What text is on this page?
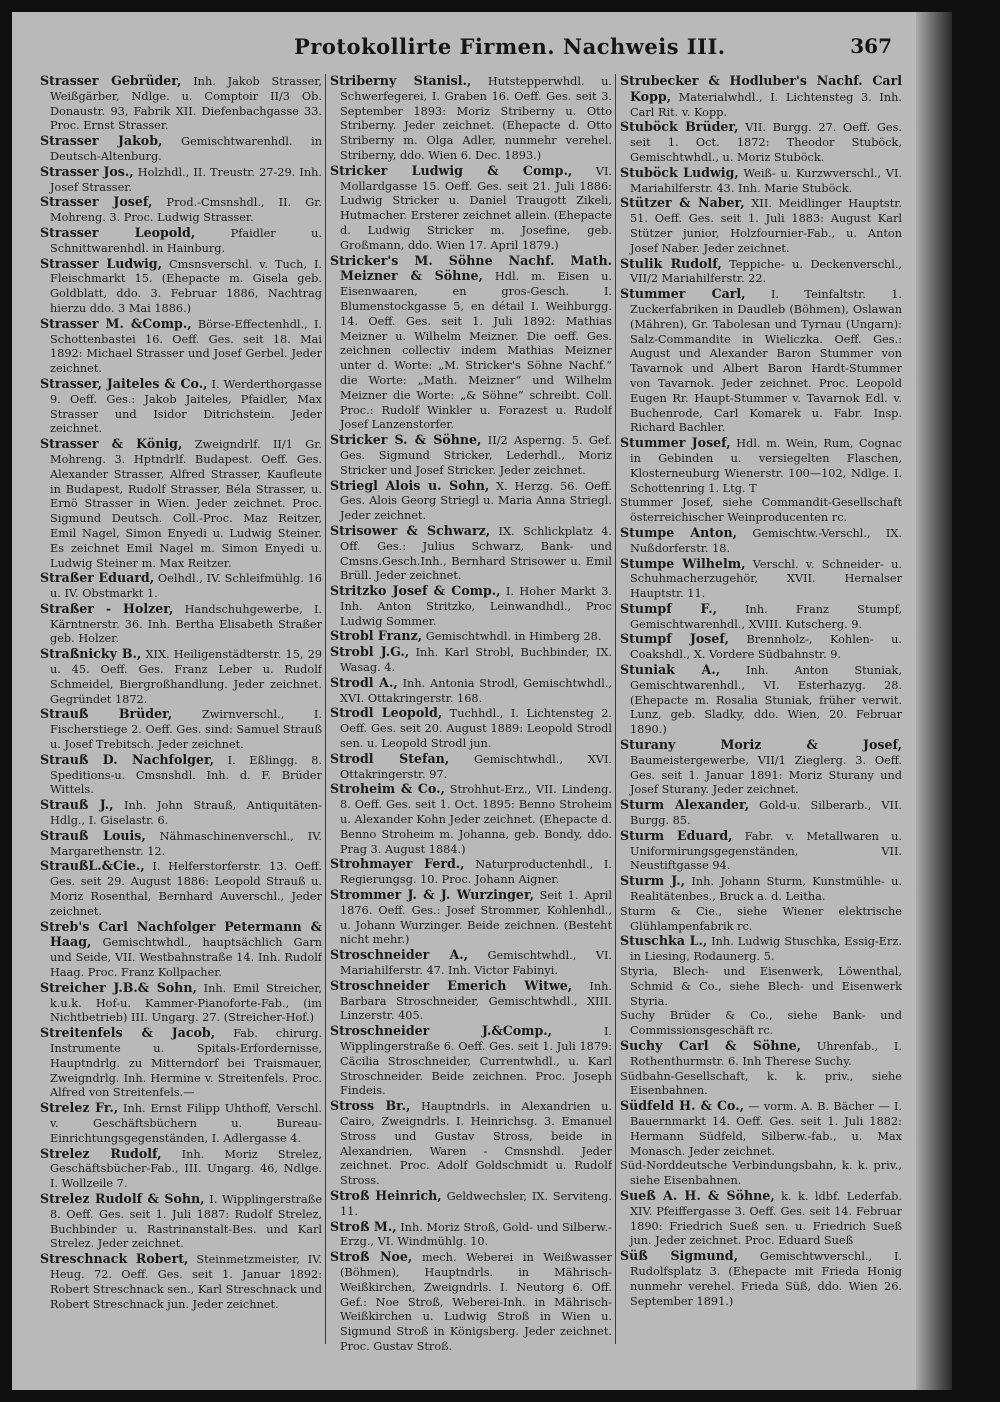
Protokollirte Firmen. Nachweis III.	367

Strasser Gebrüder, Inh. Jakob Strasser, Weißgärber, Ndlge. u. Comptoir II/3 Ob. Donaustr. 93, Fabrik XII. Diefenbachgasse 33. Proc. Ernst Strasser.

Strasser Jakob, Gemischtwarenhdl. in Deutsch-Altenburg.

Strasser Jos., Holzhdl., II. Treustr. 27-29. Inh. Josef Strasser.

Strasser Josef, Prod.-Cmsnshdl., II. Gr. Mohreng. 3. Proc. Ludwig Strasser.

Strasser Leopold,	Pfaidler u. Schnittwarenhdl. in Hainburg.

Strasser Ludwig, Cmsnsverschl. v. Tuch, I. Fleischmarkt 15. (Ehepacte m. Gisela geb. Goldblatt, ddo. 3. Februar 1886, Nachtrag hierzu ddo. 3 Mai 1886.)

Strasser M. &Comp., Börse-Effectenhdl., I. Schottenbastei 16. Oeff. Ges. seit 18. Mai 1892: Michael Strasser und Josef Gerbel. Jeder zeichnet.

Strasser, Jaiteles & Co., I. Werderthorgasse 9. Oeff. Ges.: Jakob Jaiteles, Pfaidler, Max Strasser und Isidor Ditrichstein. Jeder zeichnet.

Strasser & König, Zweigndrlf. II/1 Gr. Mohreng. 3. Hptndrlf. Budapest. Oeff. Ges. Alexander Strasser, Alfred Strasser, Kaufleute in Budapest, Rudolf Strasser, Béla Strasser, u. Ernö Strasser in Wien. Jeder zeichnet. Proc. Sigmund Deutsch. Coll.-Proc. Maz Reitzer, Emil Nagel, Simon Enyedi u. Ludwig Steiner. Es zeichnet Emil Nagel m. Simon Enyedi u. Ludwig Steiner m. Max Reitzer.

Straßer Eduard, Oelhdl., IV. Schleifmühlg. 16 u. IV. Obstmarkt 1.

Straßer - Holzer, Handschuhgewerbe, I. Kärntnerstr. 36. Inh. Bertha Elisabeth Straßer geb. Holzer.

Straßnicky B., XIX. Heiligenstädterstr. 15, 29 u. 45. Oeff. Ges. Franz Leber u. Rudolf Schmeidel, Biergroßhandlung. Jeder zeichnet. Gegründet 1872.

Strauß Brüder,	Zwirnverschl., I. Fischerstiege 2. Oeff. Ges. sind: Samuel Strauß u. Josef Trebitsch. Jeder zeichnet.

Strauß D. Nachfolger, I. Eßlingg. 8. Speditions-u. Cmsnshdl. Inh. d. F. Brüder Wittels.

Strauß J., Inh. John Strauß, Antiquitäten-Hdlg., I. Giselastr. 6.

Strauß Louis, Nähmaschinenverschl., IV. Margarethenstr. 12.

StraußL.&Cie., I. Helferstorferstr. 13. Oeff. Ges. seit 29. August 1886: Leopold Strauß u. Moriz Rosenthal, Bernhard Auverschl., Jeder zeichnet.

Streb's Carl Nachfolger Petermann & Haag, Gemischtwhdl., hauptsächlich Garn und Seide, VII. Westbahnstraße 14. Inh. Rudolf Haag. Proc. Franz Kollpacher.

Streicher J.B.& Sohn, Inh. Emil Streicher, k.u.k. Hof-u. Kammer-Pianoforte-Fab., (im Nichtbetrieb) III. Ungarg. 27. (Streicher-Hof.)

Streitenfels & Jacob, Fab. chirurg. Instrumente u. Spitals-Erfordernisse, Hauptndrlg. zu Mitterndorf bei Traismauer, Zweigndrlg. Inh. Hermine v. Streitenfels. Proc. Alfred von Streitenfels.—

Strelez Fr., Inh. Ernst Filipp Uhthoff, Verschl. v. Geschäftsbüchern u. Bureau-Einrichtungsgegenständen, I. Adlergasse 4.

Strelez Rudolf, Inh. Moriz Strelez, Geschäftsbücher-Fab., III. Ungarg. 46, Ndlge. I. Wollzeile 7.

Strelez Rudolf & Sohn, I. Wipplingerstraße 8. Oeff. Ges. seit 1. Juli 1887: Rudolf Strelez, Buchbinder u. Rastrinanstalt-Bes. und Karl Strelez. Jeder zeichnet.

Streschnack Robert, Steinmetzmeister, IV. Heug. 72. Oeff. Ges. seit 1. Januar 1892: Robert Streschnack sen., Karl Streschnack und Robert Streschnack jun. Jeder zeichnet.

Striberny Stanisl., Hutstepperwhdl. u. Schwerfegerei, I. Graben 16. Oeff. Ges. seit 3. September 1893: Moriz Striberny u. Otto Striberny. Jeder zeichnet. (Ehepacte d. Otto Striberny m. Olga Adler, nunmehr verehel. Striberny, ddo. Wien 6. Dec. 1893.)

Stricker Ludwig & Comp., VI. Mollardgasse 15. Oeff. Ges. seit 21. Juli 1886: Ludwig Stricker u. Daniel Traugott Zikeli, Hutmacher. Ersterer zeichnet allein. (Ehepacte d. Ludwig Stricker m. Josefine, geb. Großmann, ddo. Wien 17. April 1879.)

Stricker's M. Söhne Nachf. Math. Meizner & Söhne, Hdl. m. Eisen u. Eisenwaaren, en gros-Gesch. I. Blumenstockgasse 5, en détail I. Weihburgg. 14. Oeff. Ges. seit 1. Juli 1892: Mathias Meizner u. Wilhelm Meizner. Die oeff. Ges. zeichnen collectiv indem Mathias Meizner unter d. Worte: „M. Stricker's Söhne Nachf.“ die Worte: „Math. Meizner“ und Wilhelm Meizner die Worte: „& Söhne“ schreibt. Coll. Proc.: Rudolf Winkler u. Forazest u. Rudolf Josef Lanzenstorfer.

Stricker S. & Söhne, II/2 Asperng. 5. Gef. Ges. Sigmund Stricker, Lederhdl., Moriz Stricker und Josef Stricker. Jeder zeichnet.

Striegl Alois u. Sohn, X. Herzg. 56. Oeff. Ges. Alois Georg Striegl u. Maria Anna Striegl. Jeder zeichnet.

Strisower & Schwarz, IX. Schlickplatz 4. Off. Ges.: Julius Schwarz, Bank- und Cmsns.Gesch.Inh., Bernhard Strisower u. Emil Brüll. Jeder zeichnet.

Stritzko Josef & Comp., I. Hoher Markt 3. Inh. Anton Stritzko, Leinwandhdl., Proc Ludwig Sommer.

Strobl Franz, Gemischtwhdl. in Himberg 28.

Strobl J.G., Inh. Karl Strobl, Buchbinder, IX. Wasag. 4.

Strodl A., Inh. Antonia Strodl, Gemischtwhdl., XVI. Ottakringerstr. 168.

Strodl Leopold, Tuchhdl., I. Lichtensteg 2. Oeff. Ges. seit 20. August 1889: Leopold Strodl sen. u. Leopold Strodl jun.

Strodl Stefan, Gemischtwhdl., XVI. Ottakringerstr. 97.

Stroheim & Co., Strohhut-Erz., VII. Lindeng. 8. Oeff. Ges. seit 1. Oct. 1895: Benno Stroheim u. Alexander Kohn Jeder zeichnet. (Ehepacte d. Benno Stroheim m. Johanna, geb. Bondy, ddo. Prag 3. August 1884.)

Strohmayer Ferd., Naturproductenhdl., I. Regierungsg. 10. Proc. Johann Aigner.

Strommer J. & J. Wurzinger, Seit 1. April 1876. Oeff. Ges.: Josef Strommer, Kohlenhdl., u. Johann Wurzinger. Beide zeichnen. (Besteht nicht mehr.)

Stroschneider A., Gemischtwhdl., VI. Mariahilferstr. 47. Inh. Victor Fabinyi.

Stroschneider Emerich Witwe, Inh. Barbara Stroschneider, Gemischtwhdl., XIII. Linzerstr. 405.

Stroschneider J.&Comp.,	I. Wipplingerstraße 6. Oeff. Ges. seit 1. Juli 1879: Cäcilia Stroschneider, Currentwhdl., u. Karl Stroschneider. Beide zeichnen. Proc. Joseph Findeis.

Stross Br., Hauptndrls. in Alexandrien u. Cairo, Zweigndrls. I. Heinrichsg. 3. Emanuel Stross und Gustav Stross, beide in Alexandrien, Waren - Cmsnshdl. Jeder zeichnet. Proc. Adolf Goldschmidt u. Rudolf Stross.

Stroß Heinrich, Geldwechsler, IX. Serviteng. 11.

Stroß M., Inh. Moriz Stroß, Gold- und Silberw.-Erzg., VI. Windmühlg. 10.

Stroß Noe, mech. Weberei in Weißwasser (Böhmen), Hauptndrls. in Mährisch-Weißkirchen, Zweigndrls. I. Neutorg 6. Off. Gef.: Noe Stroß, Weberei-Inh. in Mährisch-Weißkirchen u. Ludwig Stroß in Wien u. Sigmund Stroß in Königsberg. Jeder zeichnet. Proc. Gustav Stroß.

Strubecker & Hodluber's Nachf. Carl Kopp, Materialwhdl., I. Lichtensteg 3. Inh. Carl Rit. v. Kopp.

Stuböck Brüder, VII. Burgg. 27. Oeff. Ges. seit 1. Oct. 1872: Theodor Stuböck, Gemischtwhdl., u. Moriz Stuböck.

Stuböck Ludwig, Weiß- u. Kurzwverschl., VI. Mariahilferstr. 43. Inh. Marie Stuböck.

Stützer & Naber, XII. Meidlinger Hauptstr. 51. Oeff. Ges. seit 1. Juli 1883: August Karl Stützer junior, Holzfournier-Fab., u. Anton Josef Naber. Jeder zeichnet.

Stulik Rudolf, Teppiche- u. Deckenverschl., VII/2 Mariahilferstr. 22.

Stummer Carl, I. Teinfaltstr. 1. Zuckerfabriken in Daudleb (Böhmen), Oslawan (Mähren), Gr. Tabolesan und Tyrnau (Ungarn): Salz-Commandite in Wieliczka. Oeff. Ges.: August und Alexander Baron Stummer von Tavarnok und Albert Baron Hardt-Stummer von Tavarnok. Jeder zeichnet. Proc. Leopold Eugen Rr. Haupt-Stummer v. Tavarnok Edl. v. Buchenrode, Carl Komarek u. Fabr. Insp. Richard Bachler.

Stummer Josef, Hdl. m. Wein, Rum, Cognac in Gebinden u. versiegelten Flaschen, Klosterneuburg Wienerstr. 100—102, Ndlge. I. Schottenring 1. Ltg. T

Stummer Josef, siehe Commandit-Gesellschaft österreichischer Weinproducenten rc.

Stumpe Anton, Gemischtw.-Verschl., IX. Nußdorferstr. 18.

Stumpe Wilhelm, Verschl. v. Schneider- u. Schuhmacherzugehör, XVII. Hernalser Hauptstr. 11.

Stumpf F., Inh. Franz Stumpf, Gemischtwarenhdl., XVIII. Kutscherg. 9.

Stumpf Josef, Brennholz-, Kohlen- u. Coakshdl., X. Vordere Südbahnstr. 9.

Stuniak A., Inh. Anton Stuniak, Gemischtwarenhdl., VI. Esterhazyg. 28. (Ehepacte m. Rosalia Stuniak, früher verwit. Lunz, geb. Sladky, ddo. Wien, 20. Februar 1890.)

Sturany Moriz & Josef, Baumeistergewerbe, VII/1 Zieglerg. 3. Oeff. Ges. seit 1. Januar 1891: Moriz Sturany und Josef Sturany. Jeder zeichnet.

Sturm Alexander, Gold-u. Silberarb., VII. Burgg. 85.

Sturm Eduard, Fabr. v. Metallwaren u. Uniformirungsgegenständen, VII. Neustiftgasse 94.

Sturm J., Inh. Johann Sturm, Kunstmühle- u. Realitätenbes., Bruck a. d. Leitha.

Sturm & Cie., siehe Wiener elektrische Glühlampenfabrik rc.

Stuschka L., Inh. Ludwig Stuschka, Essig-Erz. in Liesing, Rodaunerg. 5.

Styria, Blech- und Eisenwerk, Löwenthal, Schmid & Co., siehe Blech- und Eisenwerk Styria.

Suchy Brüder & Co., siehe Bank- und Commissionsgeschäft rc.

Suchy Carl & Söhne, Uhrenfab., I. Rothenthurmstr. 6. Inh Therese Suchy.

Südbahn-Gesellschaft, k. k. priv., siehe Eisenbahnen.

Südfeld H. & Co., — vorm. A. B. Bächer — I. Bauernmarkt 14. Oeff. Ges. seit 1. Juli 1882: Hermann Südfeld, Silberw.-fab., u. Max Monasch. Jeder zeichnet.

Süd-Norddeutsche Verbindungsbahn, k. k. priv., siehe Eisenbahnen.

Sueß A. H. & Söhne, k. k. ldbf. Lederfab. XIV. Pfeiffergasse 3. Oeff. Ges. seit 14. Februar 1890: Friedrich Sueß sen. u. Friedrich Sueß jun. Jeder zeichnet. Proc. Eduard Sueß

Süß Sigmund, Gemischtwverschl., I. Rudolfsplatz 3. (Ehepacte mit Frieda Honig nunmehr verehel. Frieda Süß, ddo. Wien 26. September 1891.)
